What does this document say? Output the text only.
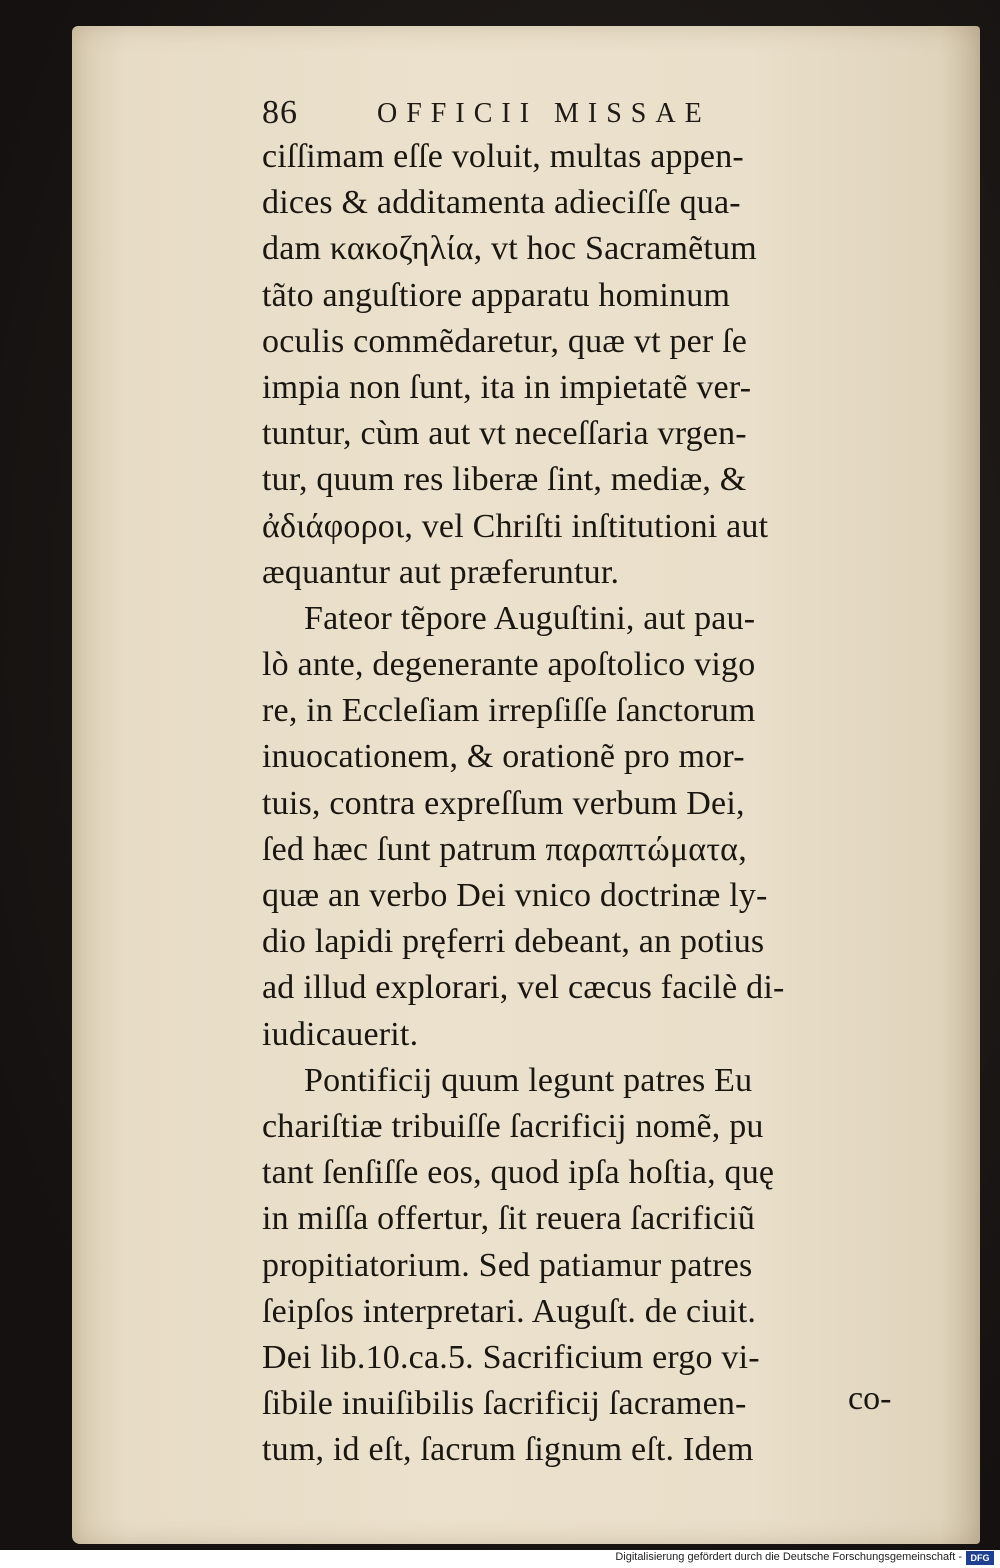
86	OFFICII MISSAE
ciſſimam eſſe voluit, multas appen-
dices & additamenta adieciſſe qua-
dam κακοζηλία, vt hoc Sacramẽtum
tãto anguſtiore apparatu hominum
oculis commẽdaretur, quæ vt per ſe
impia non ſunt, ita in impietatẽ ver-
tuntur, cùm aut vt neceſſaria vrgen-
tur, quum res liberæ ſint, mediæ, &
ἀδιάφοροι, vel Chriſti inſtitutioni aut
æquantur aut præferuntur.
Fateor tẽpore Auguſtini, aut pau-
lò ante, degenerante apoſtolico vigo
re, in Eccleſiam irrepſiſſe ſanctorum
inuocationem, & orationẽ pro mor-
tuis, contra expreſſum verbum Dei,
ſed hæc ſunt patrum παραπτώματα,
quæ an verbo Dei vnico doctrinæ ly-
dio lapidi pręferri debeant, an potius
ad illud explorari, vel cæcus facilè di-
iudicauerit.
Pontificij quum legunt patres Eu
chariſtiæ tribuiſſe ſacrificij nomẽ, pu
tant ſenſiſſe eos, quod ipſa hoſtia, quę
in miſſa offertur, ſit reuera ſacrificiũ
propitiatorium. Sed patiamur patres
ſeipſos interpretari. Auguſt. de ciuit.
Dei lib.10.ca.5. Sacrificium ergo vi-
ſibile inuiſibilis ſacrificij ſacramen-
tum, id eſt, ſacrum ſignum eſt. Idem
co-
Digitalisierung gefördert durch die Deutsche Forschungsgemeinschaft - DFG
